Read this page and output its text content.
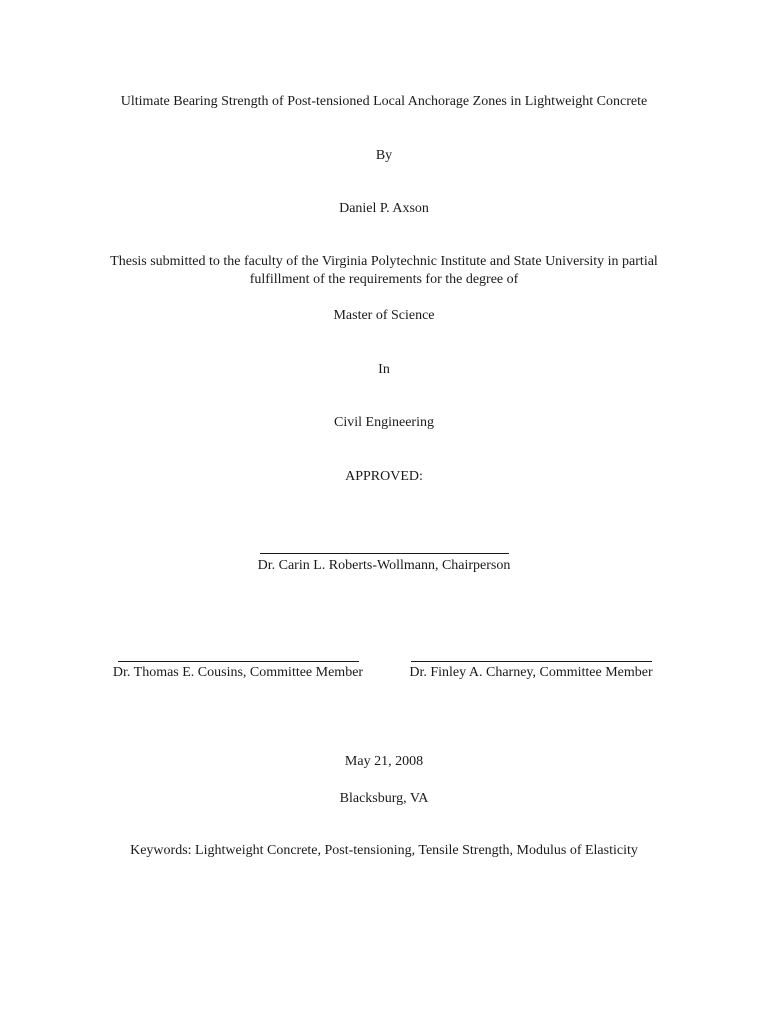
Ultimate Bearing Strength of Post-tensioned Local Anchorage Zones in Lightweight Concrete
By
Daniel P. Axson
Thesis submitted to the faculty of the Virginia Polytechnic Institute and State University in partial fulfillment of the requirements for the degree of
Master of Science
In
Civil Engineering
APPROVED:
Dr. Carin L. Roberts-Wollmann, Chairperson
Dr. Thomas E. Cousins, Committee Member	Dr. Finley A. Charney, Committee Member
May 21, 2008
Blacksburg, VA
Keywords: Lightweight Concrete, Post-tensioning, Tensile Strength, Modulus of Elasticity
